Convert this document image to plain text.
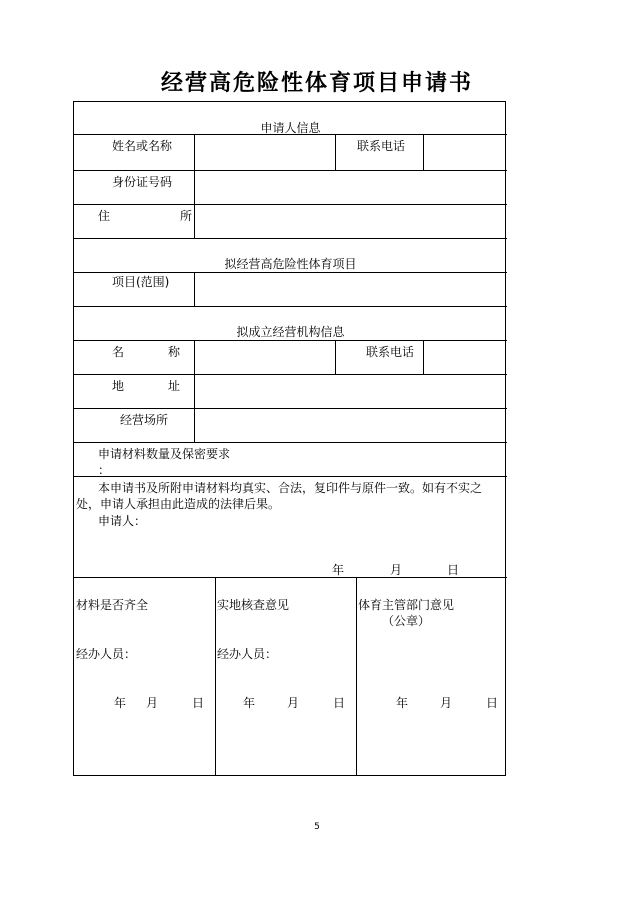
经营高危险性体育项目申请书
申请人信息
姓名或名称	联系电话
身份证号码
住	所
拟经营高危险性体育项目
项目(范围)
拟成立经营机构信息
名	称	联系电话
地	址
经营场所
申请材料数量及保密要求
：
本申请书及所附申请材料均真实、合法，复印件与原件一致。如有不实之
处，申请人承担由此造成的法律后果。
申请人：
年	月	日
材料是否齐全
经办人员：
年 月	日
实地核查意见
经办人员：
年	月	日
体育主管部门意见
（公章）
年	月	日
5
